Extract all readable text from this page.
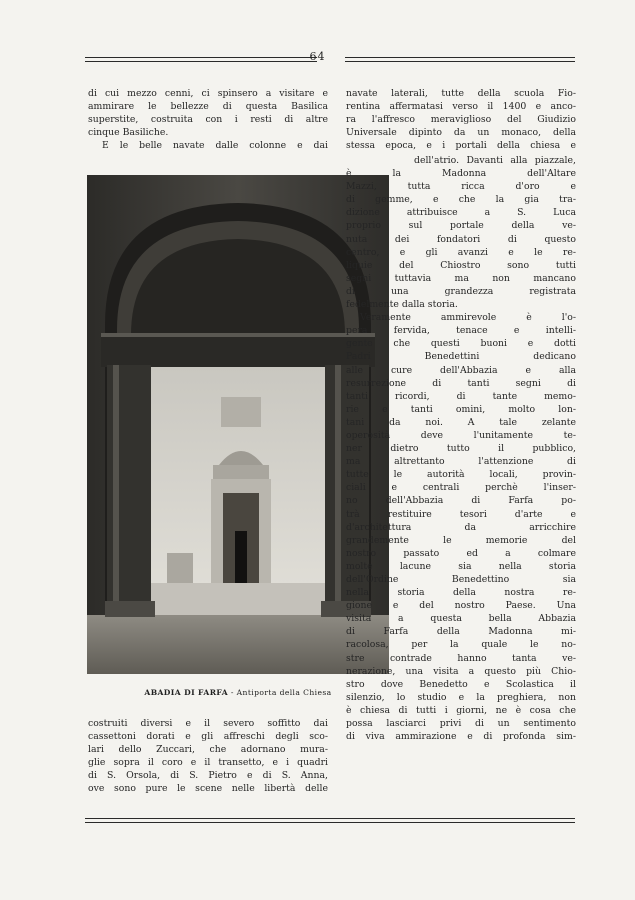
64
di cui mezzo cenni, ci spinsero a visitare e
ammirare le bellezze di questa Basilica
superstite, costruita con i resti di altre
cinque Basiliche.
E le belle navate dalle colonne e dai
navate laterali, tutte della scuola Fio-
rentina affermatasi verso il 1400 e anco-
ra l'affresco meraviglioso del Giudizio
Universale dipinto da un monaco, della
stessa epoca, e i portali della chiesa e
dell'atrio. Davanti alla piazzale,
è la Madonna dell'Altare
Mazzi, tutta ricca d'oro e
di gemme, e che la gia tra-
dizione attribuisce a S. Luca
proprio sul portale della ve-
nuta dei fondatori di questo
centro, e gli avanzi e le re-
liquie del Chiostro sono tutti
segni tuttavia ma non mancano
di una grandezza registrata
fedelmente dalla storia.
Veramente ammirevole è l'o-
pera fervida, tenace e intelli-
gente che questi buoni e dotti
Padri Benedettini dedicano
alle cure dell'Abbazia e alla
resurrezione di tanti segni di
tanti ricordi, di tante memo-
rie e tanti omini, molto lon-
tani da noi. A tale zelante
operosità deve l'unitamente te-
ner dietro tutto il pubblico,
ma altrettanto l'attenzione di
tutte le autorità locali, provin-
ciali e centrali perchè l'inser-
no dell'Abbazia di Farfa po-
trà restituire tesori d'arte e
d'architettura da arricchire
grandemente le memorie del
nostro passato ed a colmare
molte lacune sia nella storia
dell'Ordine Benedettino sia
nella storia della nostra re-
gione e del nostro Paese. Una
visita a questa bella Abbazia
di Farfa della Madonna mi-
racolosa, per la quale le no-
stre contrade hanno tanta ve-
nerazione, una visita a questo più Chio-
stro dove Benedetto e Scolastica il
silenzio, lo studio e la preghiera, non
è chiesa di tutti i giorni, ne è cosa che
possa lasciarci privi di un sentimento
di viva ammirazione e di profonda sim-
ABADIA DI FARFA - Antiporta della Chiesa
costruiti diversi e il severo soffitto dai
cassettoni dorati e gli affreschi degli sco-
lari dello Zuccari, che adornano mura-
glie sopra il coro e il transetto, e i quadri
di S. Orsola, di S. Pietro e di S. Anna,
ove sono pure le scene nelle libertà delle
